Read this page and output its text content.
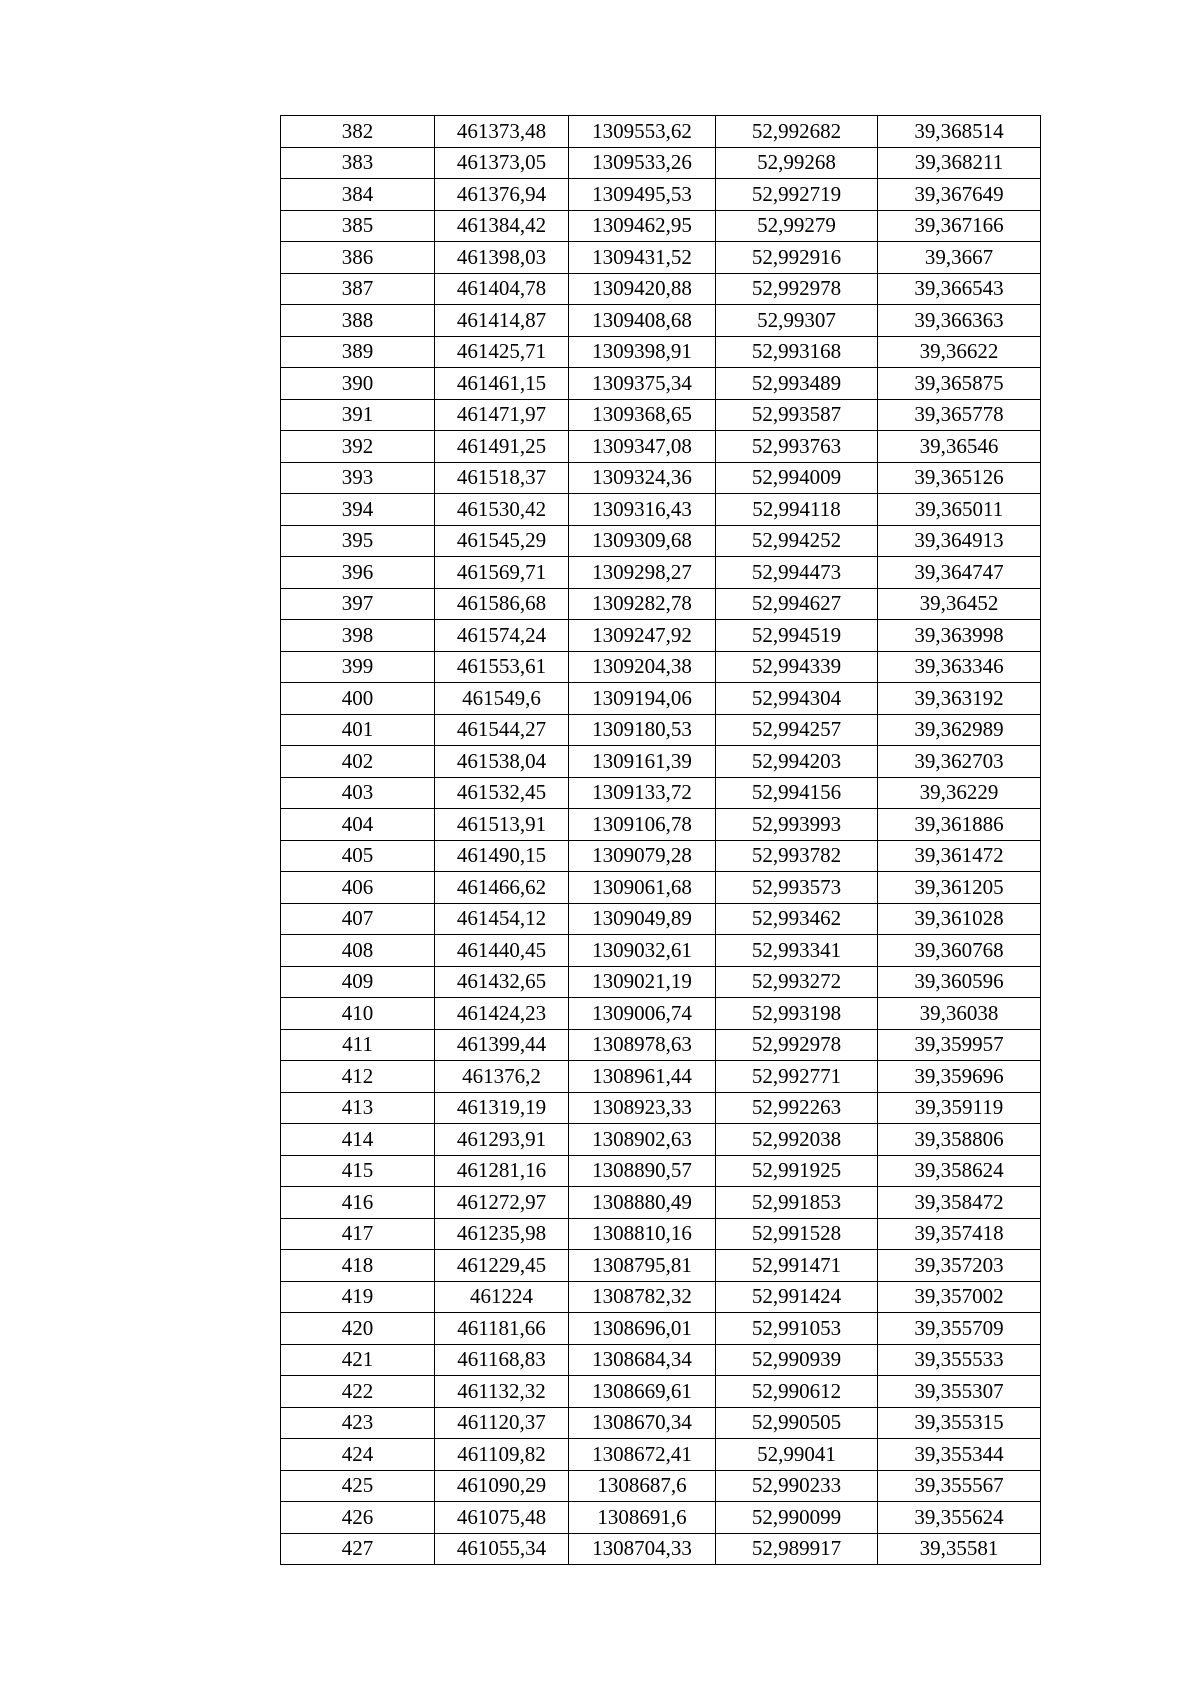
382	461373,48	1309553,62	52,992682	39,368514
383	461373,05	1309533,26	52,99268	39,368211
384	461376,94	1309495,53	52,992719	39,367649
385	461384,42	1309462,95	52,99279	39,367166
386	461398,03	1309431,52	52,992916	39,3667
387	461404,78	1309420,88	52,992978	39,366543
388	461414,87	1309408,68	52,99307	39,366363
389	461425,71	1309398,91	52,993168	39,36622
390	461461,15	1309375,34	52,993489	39,365875
391	461471,97	1309368,65	52,993587	39,365778
392	461491,25	1309347,08	52,993763	39,36546
393	461518,37	1309324,36	52,994009	39,365126
394	461530,42	1309316,43	52,994118	39,365011
395	461545,29	1309309,68	52,994252	39,364913
396	461569,71	1309298,27	52,994473	39,364747
397	461586,68	1309282,78	52,994627	39,36452
398	461574,24	1309247,92	52,994519	39,363998
399	461553,61	1309204,38	52,994339	39,363346
400	461549,6	1309194,06	52,994304	39,363192
401	461544,27	1309180,53	52,994257	39,362989
402	461538,04	1309161,39	52,994203	39,362703
403	461532,45	1309133,72	52,994156	39,36229
404	461513,91	1309106,78	52,993993	39,361886
405	461490,15	1309079,28	52,993782	39,361472
406	461466,62	1309061,68	52,993573	39,361205
407	461454,12	1309049,89	52,993462	39,361028
408	461440,45	1309032,61	52,993341	39,360768
409	461432,65	1309021,19	52,993272	39,360596
410	461424,23	1309006,74	52,993198	39,36038
411	461399,44	1308978,63	52,992978	39,359957
412	461376,2	1308961,44	52,992771	39,359696
413	461319,19	1308923,33	52,992263	39,359119
414	461293,91	1308902,63	52,992038	39,358806
415	461281,16	1308890,57	52,991925	39,358624
416	461272,97	1308880,49	52,991853	39,358472
417	461235,98	1308810,16	52,991528	39,357418
418	461229,45	1308795,81	52,991471	39,357203
419	461224	1308782,32	52,991424	39,357002
420	461181,66	1308696,01	52,991053	39,355709
421	461168,83	1308684,34	52,990939	39,355533
422	461132,32	1308669,61	52,990612	39,355307
423	461120,37	1308670,34	52,990505	39,355315
424	461109,82	1308672,41	52,99041	39,355344
425	461090,29	1308687,6	52,990233	39,355567
426	461075,48	1308691,6	52,990099	39,355624
427	461055,34	1308704,33	52,989917	39,35581
